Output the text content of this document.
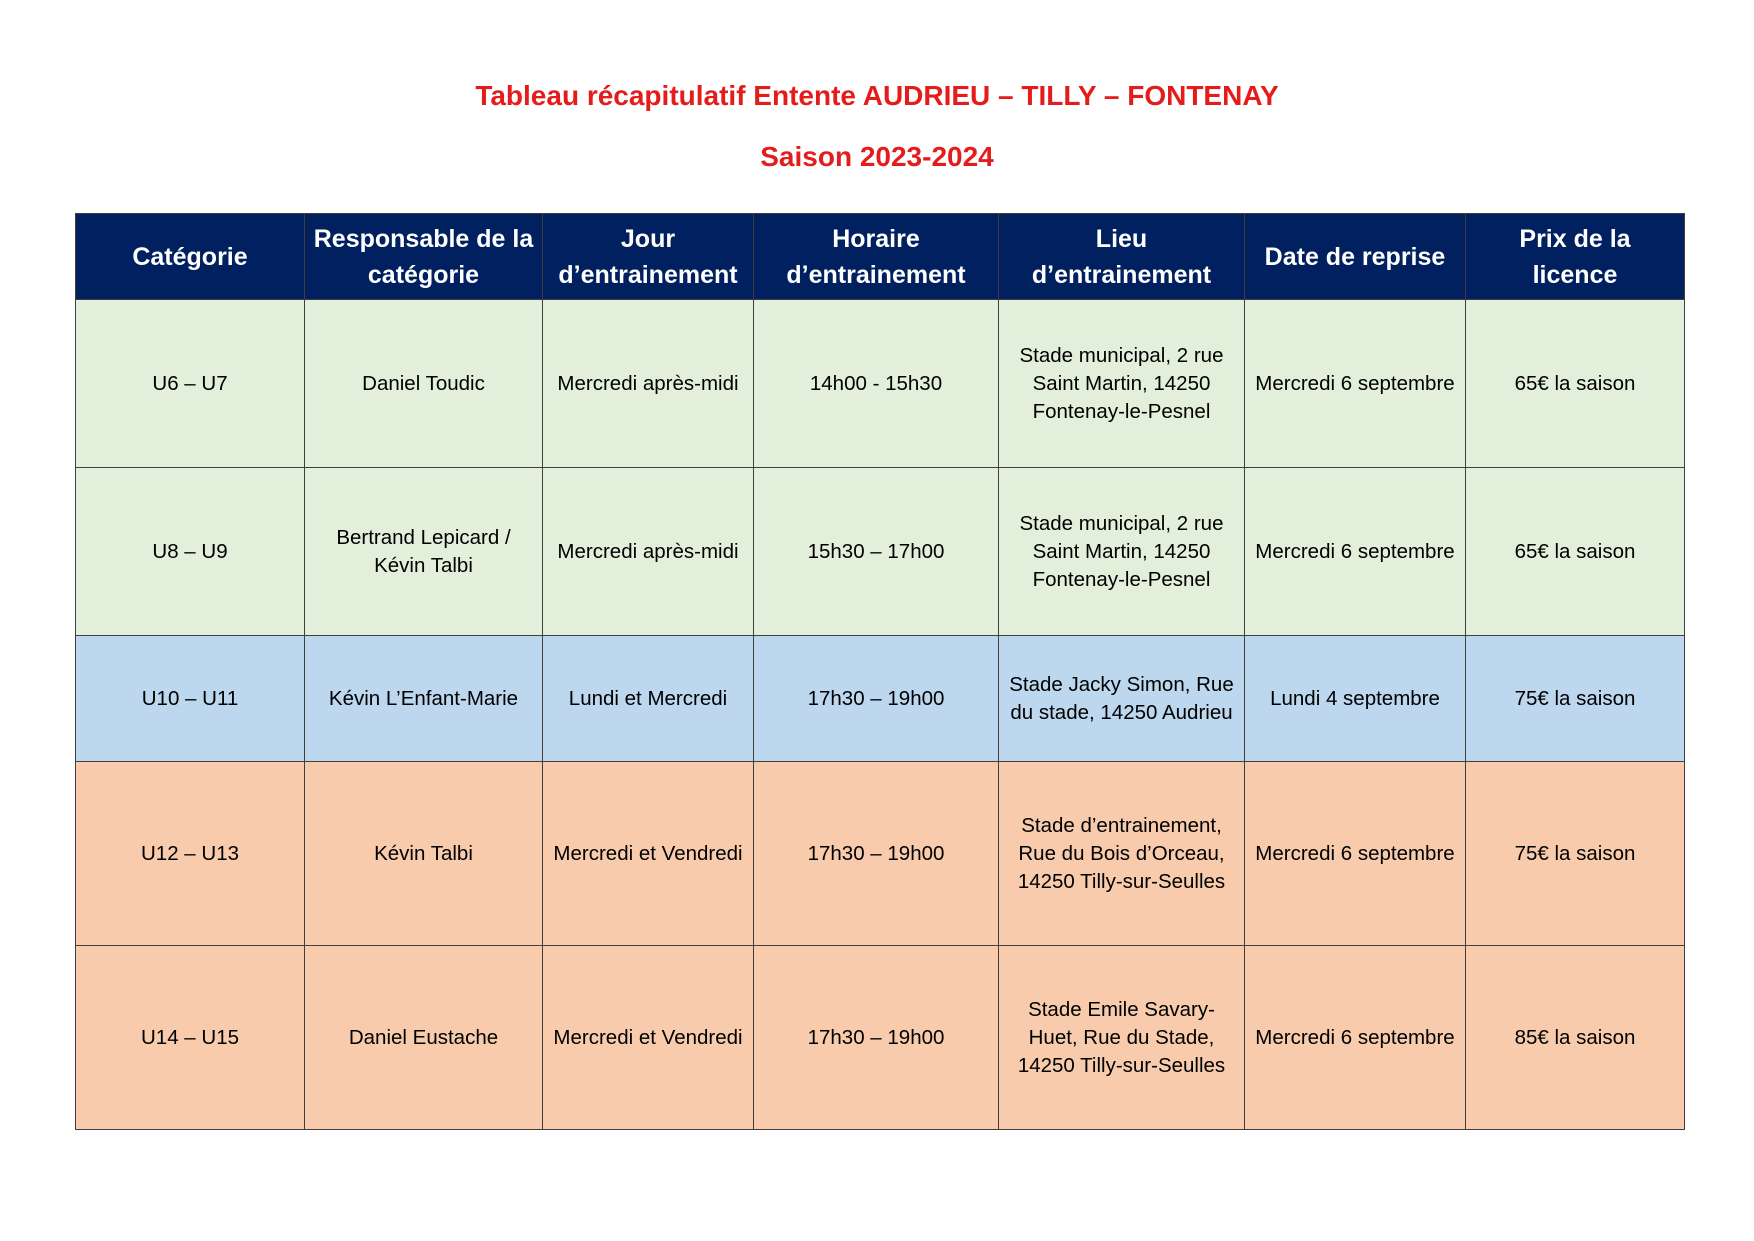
Tableau récapitulatif Entente AUDRIEU – TILLY – FONTENAY
Saison 2023-2024
Catégorie	Responsable de la catégorie	Jour d’entrainement	Horaire d’entrainement	Lieu d’entrainement	Date de reprise	Prix de la licence
U6 – U7	Daniel Toudic	Mercredi après-midi	14h00 - 15h30	Stade municipal, 2 rue Saint Martin, 14250 Fontenay-le-Pesnel	Mercredi 6 septembre	65€ la saison
U8 – U9	Bertrand Lepicard / Kévin Talbi	Mercredi après-midi	15h30 – 17h00	Stade municipal, 2 rue Saint Martin, 14250 Fontenay-le-Pesnel	Mercredi 6 septembre	65€ la saison
U10 – U11	Kévin L’Enfant-Marie	Lundi et Mercredi	17h30 – 19h00	Stade Jacky Simon, Rue du stade, 14250 Audrieu	Lundi 4 septembre	75€ la saison
U12 – U13	Kévin Talbi	Mercredi et Vendredi	17h30 – 19h00	Stade d’entrainement, Rue du Bois d’Orceau, 14250 Tilly-sur-Seulles	Mercredi 6 septembre	75€ la saison
U14 – U15	Daniel Eustache	Mercredi et Vendredi	17h30 – 19h00	Stade Emile Savary-Huet, Rue du Stade, 14250 Tilly-sur-Seulles	Mercredi 6 septembre	85€ la saison
